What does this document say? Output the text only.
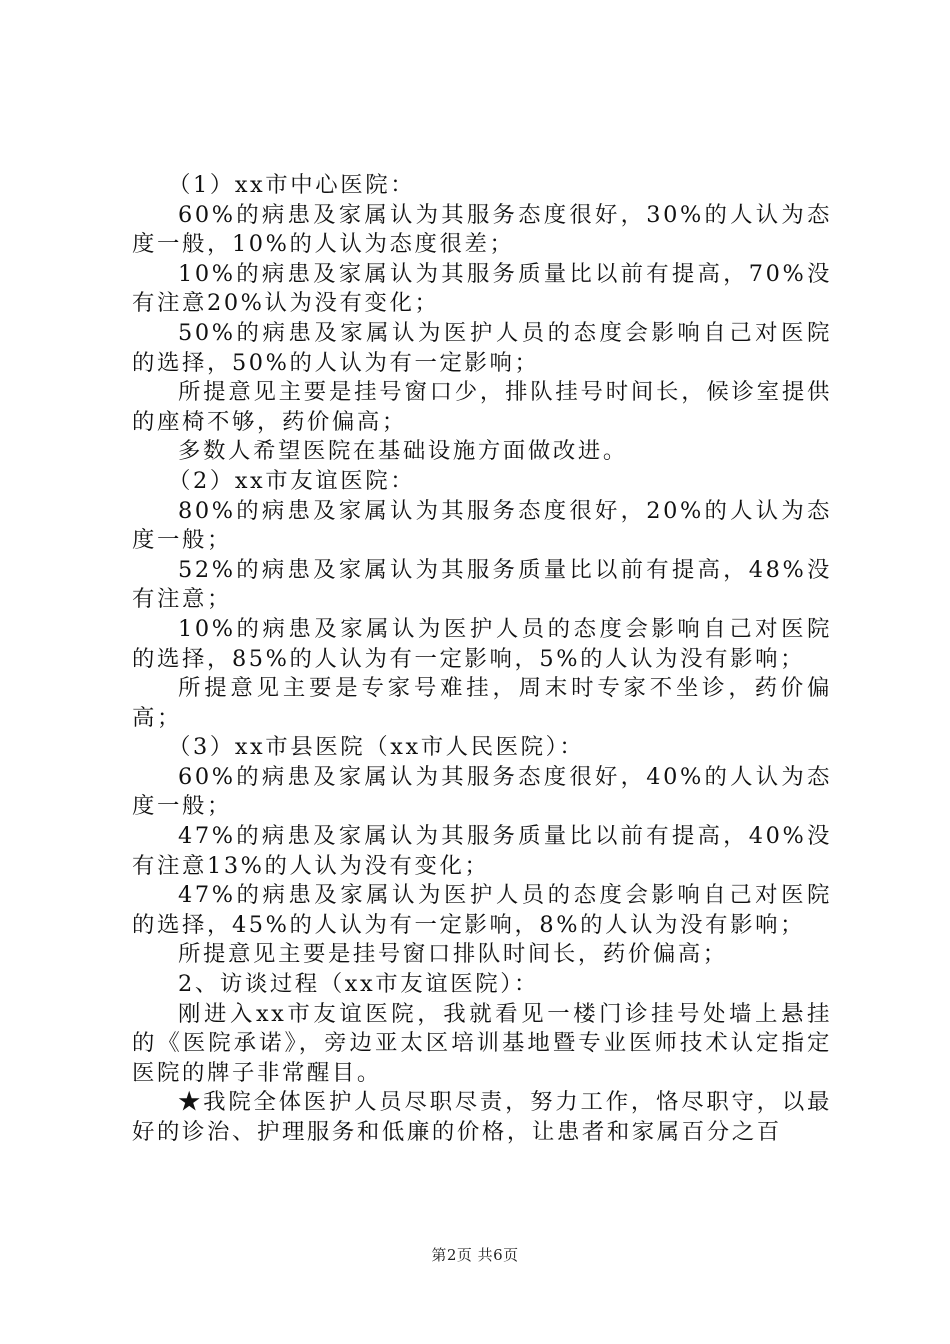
（1）xx市中心医院：

60%的病患及家属认为其服务态度很好，30%的人认为态度一般，10%的人认为态度很差；

10%的病患及家属认为其服务质量比以前有提高，70%没有注意20%认为没有变化；

50%的病患及家属认为医护人员的态度会影响自己对医院的选择，50%的人认为有一定影响；

所提意见主要是挂号窗口少，排队挂号时间长，候诊室提供的座椅不够，药价偏高；

多数人希望医院在基础设施方面做改进。

（2）xx市友谊医院：

80%的病患及家属认为其服务态度很好，20%的人认为态度一般；

52%的病患及家属认为其服务质量比以前有提高，48%没有注意；

10%的病患及家属认为医护人员的态度会影响自己对医院的选择，85%的人认为有一定影响，5%的人认为没有影响；

所提意见主要是专家号难挂，周末时专家不坐诊，药价偏高；

（3）xx市县医院（xx市人民医院）：

60%的病患及家属认为其服务态度很好，40%的人认为态度一般；

47%的病患及家属认为其服务质量比以前有提高，40%没有注意13%的人认为没有变化；

47%的病患及家属认为医护人员的态度会影响自己对医院的选择，45%的人认为有一定影响，8%的人认为没有影响；

所提意见主要是挂号窗口排队时间长，药价偏高；

2、访谈过程（xx市友谊医院）：

刚进入xx市友谊医院，我就看见一楼门诊挂号处墙上悬挂的《医院承诺》，旁边亚太区培训基地暨专业医师技术认定指定医院的牌子非常醒目。

★我院全体医护人员尽职尽责，努力工作，恪尽职守，以最好的诊治、护理服务和低廉的价格，让患者和家属百分之百

第2页 共6页
